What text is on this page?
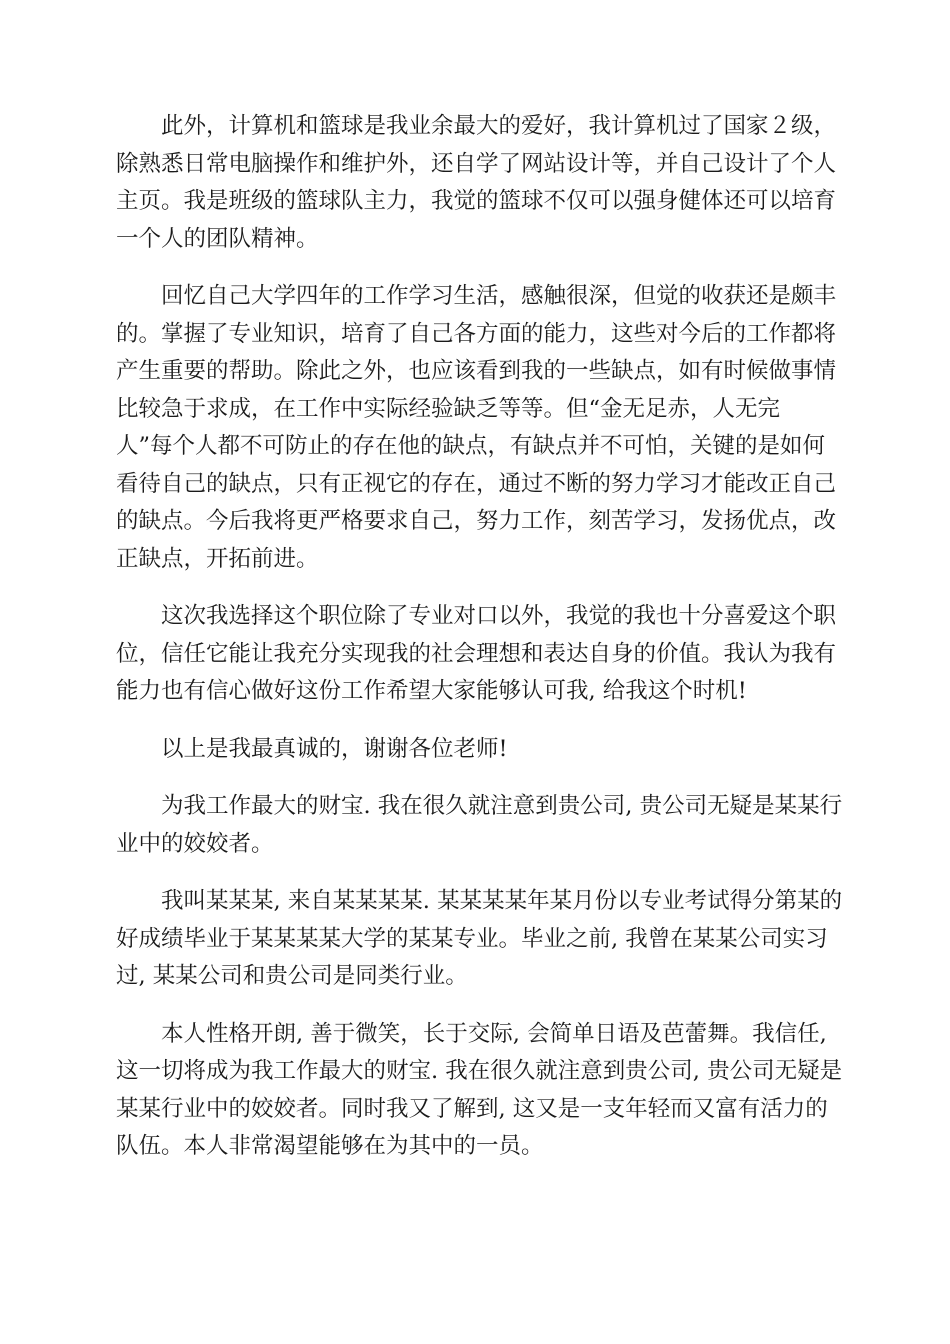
此外，计算机和篮球是我业余最大的爱好，我计算机过了国家２级，
除熟悉日常电脑操作和维护外，还自学了网站设计等，并自己设计了个人
主页。我是班级的篮球队主力，我觉的篮球不仅可以强身健体还可以培育
一个人的团队精神。

回忆自己大学四年的工作学习生活，感触很深，但觉的收获还是颇丰
的。掌握了专业知识，培育了自己各方面的能力，这些对今后的工作都将
产生重要的帮助。除此之外，也应该看到我的一些缺点，如有时候做事情
比较急于求成，在工作中实际经验缺乏等等。但“金无足赤，人无完
人”每个人都不可防止的存在他的缺点，有缺点并不可怕，关键的是如何
看待自己的缺点，只有正视它的存在，通过不断的努力学习才能改正自己
的缺点。今后我将更严格要求自己，努力工作，刻苦学习，发扬优点，改
正缺点，开拓前进。

这次我选择这个职位除了专业对口以外，我觉的我也十分喜爱这个职
位，信任它能让我充分实现我的社会理想和表达自身的价值。我认为我有
能力也有信心做好这份工作希望大家能够认可我, 给我这个时机!

以上是我最真诚的，谢谢各位老师!

为我工作最大的财宝. 我在很久就注意到贵公司, 贵公司无疑是某某行
业中的姣姣者。

我叫某某某, 来自某某某某. 某某某某年某月份以专业考试得分第某的
好成绩毕业于某某某某大学的某某专业。毕业之前, 我曾在某某公司实习
过, 某某公司和贵公司是同类行业。

本人性格开朗, 善于微笑，长于交际, 会简单日语及芭蕾舞。我信任,
这一切将成为我工作最大的财宝. 我在很久就注意到贵公司, 贵公司无疑是
某某行业中的姣姣者。同时我又了解到, 这又是一支年轻而又富有活力的
队伍。本人非常渴望能够在为其中的一员。
